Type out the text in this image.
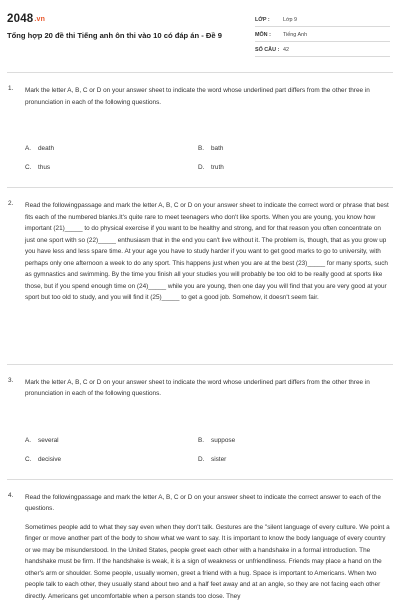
2048.vn
Tổng hợp 20 đề thi Tiếng anh ôn thi vào 10 có đáp án - Đề 9
LỚP :	Lớp 9
MÔN :	Tiếng Anh
SỐ CÂU : 42
1. Mark the letter A, B, C or D on your answer sheet to indicate the word whose underlined part differs from the other three in pronunciation in each of the following questions.

A.	death	B.	bath
C.	thus	D.	truth
2. Read the followingpassage and mark the letter A, B, C or D on your answer sheet to indicate the correct word or phrase that best fits each of the numbered blanks.It's quite rare to meet teenagers who don't like sports. When you are young, you know how important (21)_____ to do physical exercise if you want to be healthy and strong, and for that reason you often concentrate on just one sport with so (22)_____ enthusiasm that in the end you can't live without it. The problem is, though, that as you grow up you have less and less spare time. At your age you have to study harder if you want to get good marks to go to university, with perhaps only one afternoon a week to do any sport. This happens just when you are at the best (23)_____ for many sports, such as gymnastics and swimming. By the time you finish all your studies you will probably be too old to be really good at sports like those, but if you spend enough time on (24)_____ while you are young, then one day you will find that you are very good at your sport but too old to study, and you will find it (25)_____ to get a good job. Somehow, it doesn't seem fair.

3. Mark the letter A, B, C or D on your answer sheet to indicate the word whose underlined part differs from the other three in pronunciation in each of the following questions.

A.	several	B.	suppose
C.	decisive	D.	sister
4. Read the followingpassage and mark the letter A, B, C or D on your answer sheet to indicate the correct answer to each of the questions.

Sometimes people add to what they say even when they don't talk. Gestures are the "silent language of every culture. We point a finger or move another part of the body to show what we want to say. It is important to know the body language of every country or we may be misunderstood. In the United States, people greet each other with a handshake in a formal introduction. The handshake must be firm. If the handshake is weak, it is a sign of weakness or unfriendliness. Friends may place a hand on the other's arm or shoulder. Some people, usually women, greet a friend with a hug. Space is important to Americans. When two people talk to each other, they usually stand about two and a half feet away and at an angle, so they are not facing each other directly. Americans get uncomfortable when a person stands too close. They
